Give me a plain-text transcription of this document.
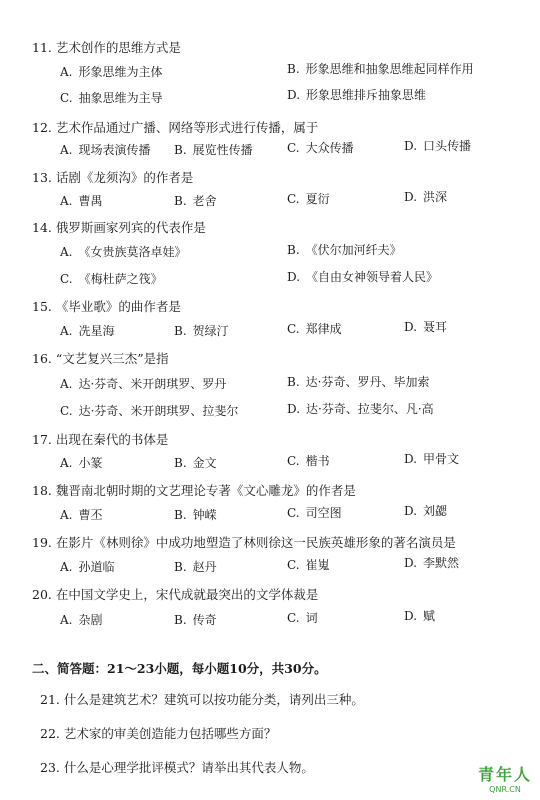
11. 艺术创作的思维方式是
A. 形象思维为主体	B. 形象思维和抽象思维起同样作用
C. 抽象思维为主导	D. 形象思维排斥抽象思维
12. 艺术作品通过广播、网络等形式进行传播，属于
A. 现场表演传播 B. 展览性传播	C. 大众传播	D. 口头传播
13. 话剧《龙须沟》的作者是
A. 曹禺	B. 老舍	C. 夏衍	D. 洪深
14. 俄罗斯画家列宾的代表作是
A. 《女贵族莫洛卓娃》	B. 《伏尔加河纤夫》
C. 《梅杜萨之筏》	D. 《自由女神领导着人民》
15. 《毕业歌》的曲作者是
A. 冼星海	B. 贺绿汀	C. 郑律成	D. 聂耳
16. “文艺复兴三杰”是指
A. 达·芬奇、米开朗琪罗、罗丹	B. 达·芬奇、罗丹、毕加索
C. 达·芬奇、米开朗琪罗、拉斐尔	D. 达·芬奇、拉斐尔、凡·高
17. 出现在秦代的书体是
A. 小篆	B. 金文	C. 楷书	D. 甲骨文
18. 魏晋南北朝时期的文艺理论专著《文心雕龙》的作者是
A. 曹丕	B. 钟嵘	C. 司空图	D. 刘勰
19. 在影片《林则徐》中成功地塑造了林则徐这一民族英雄形象的著名演员是
A. 孙道临	B. 赵丹	C. 崔嵬	D. 李默然
20. 在中国文学史上，宋代成就最突出的文学体裁是
A. 杂剧	B. 传奇	C. 词	D. 赋
二、简答题：21～23小题，每小题10分，共30分。
21. 什么是建筑艺术？建筑可以按功能分类，请列出三种。
22. 艺术家的审美创造能力包括哪些方面？
23. 什么是心理学批评模式？请举出其代表人物。	青年人
QNR.CN
